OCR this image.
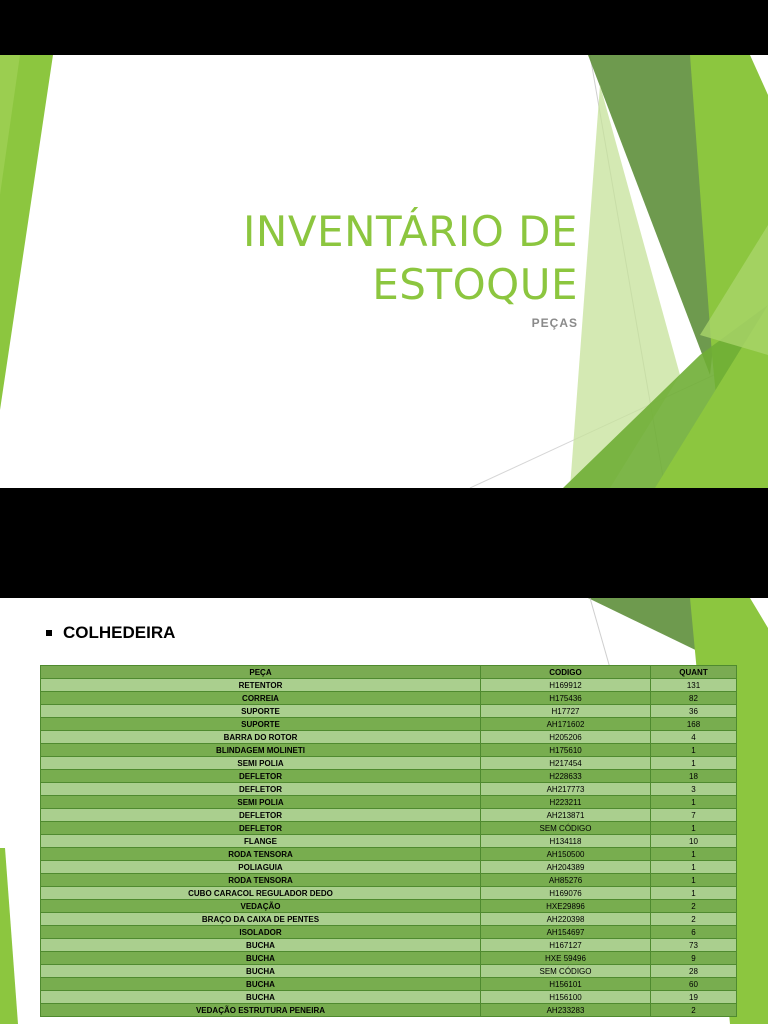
INVENTÁRIO DE
ESTOQUE
PEÇAS
COLHEDEIRA
PEÇA	CODIGO	QUANT
RETENTOR	H169912	131
CORREIA	H175436	82
SUPORTE	H17727	36
SUPORTE	AH171602	168
BARRA DO ROTOR	H205206	4
BLINDAGEM MOLINETI	H175610	1
SEMI POLIA	H217454	1
DEFLETOR	H228633	18
DEFLETOR	AH217773	3
SEMI POLIA	H223211	1
DEFLETOR	AH213871	7
DEFLETOR	SEM CÓDIGO	1
FLANGE	H134118	10
RODA TENSORA	AH150500	1
POLIAGUIA	AH204389	1
RODA TENSORA	AH85276	1
CUBO CARACOL REGULADOR DEDO	H169076	1
VEDAÇÃO	HXE29896	2
BRAÇO DA CAIXA DE PENTES	AH220398	2
ISOLADOR	AH154697	6
BUCHA	H167127	73
BUCHA	HXE 59496	9
BUCHA	SEM CÓDIGO	28
BUCHA	H156101	60
BUCHA	H156100	19
VEDAÇÃO ESTRUTURA PENEIRA	AH233283	2
